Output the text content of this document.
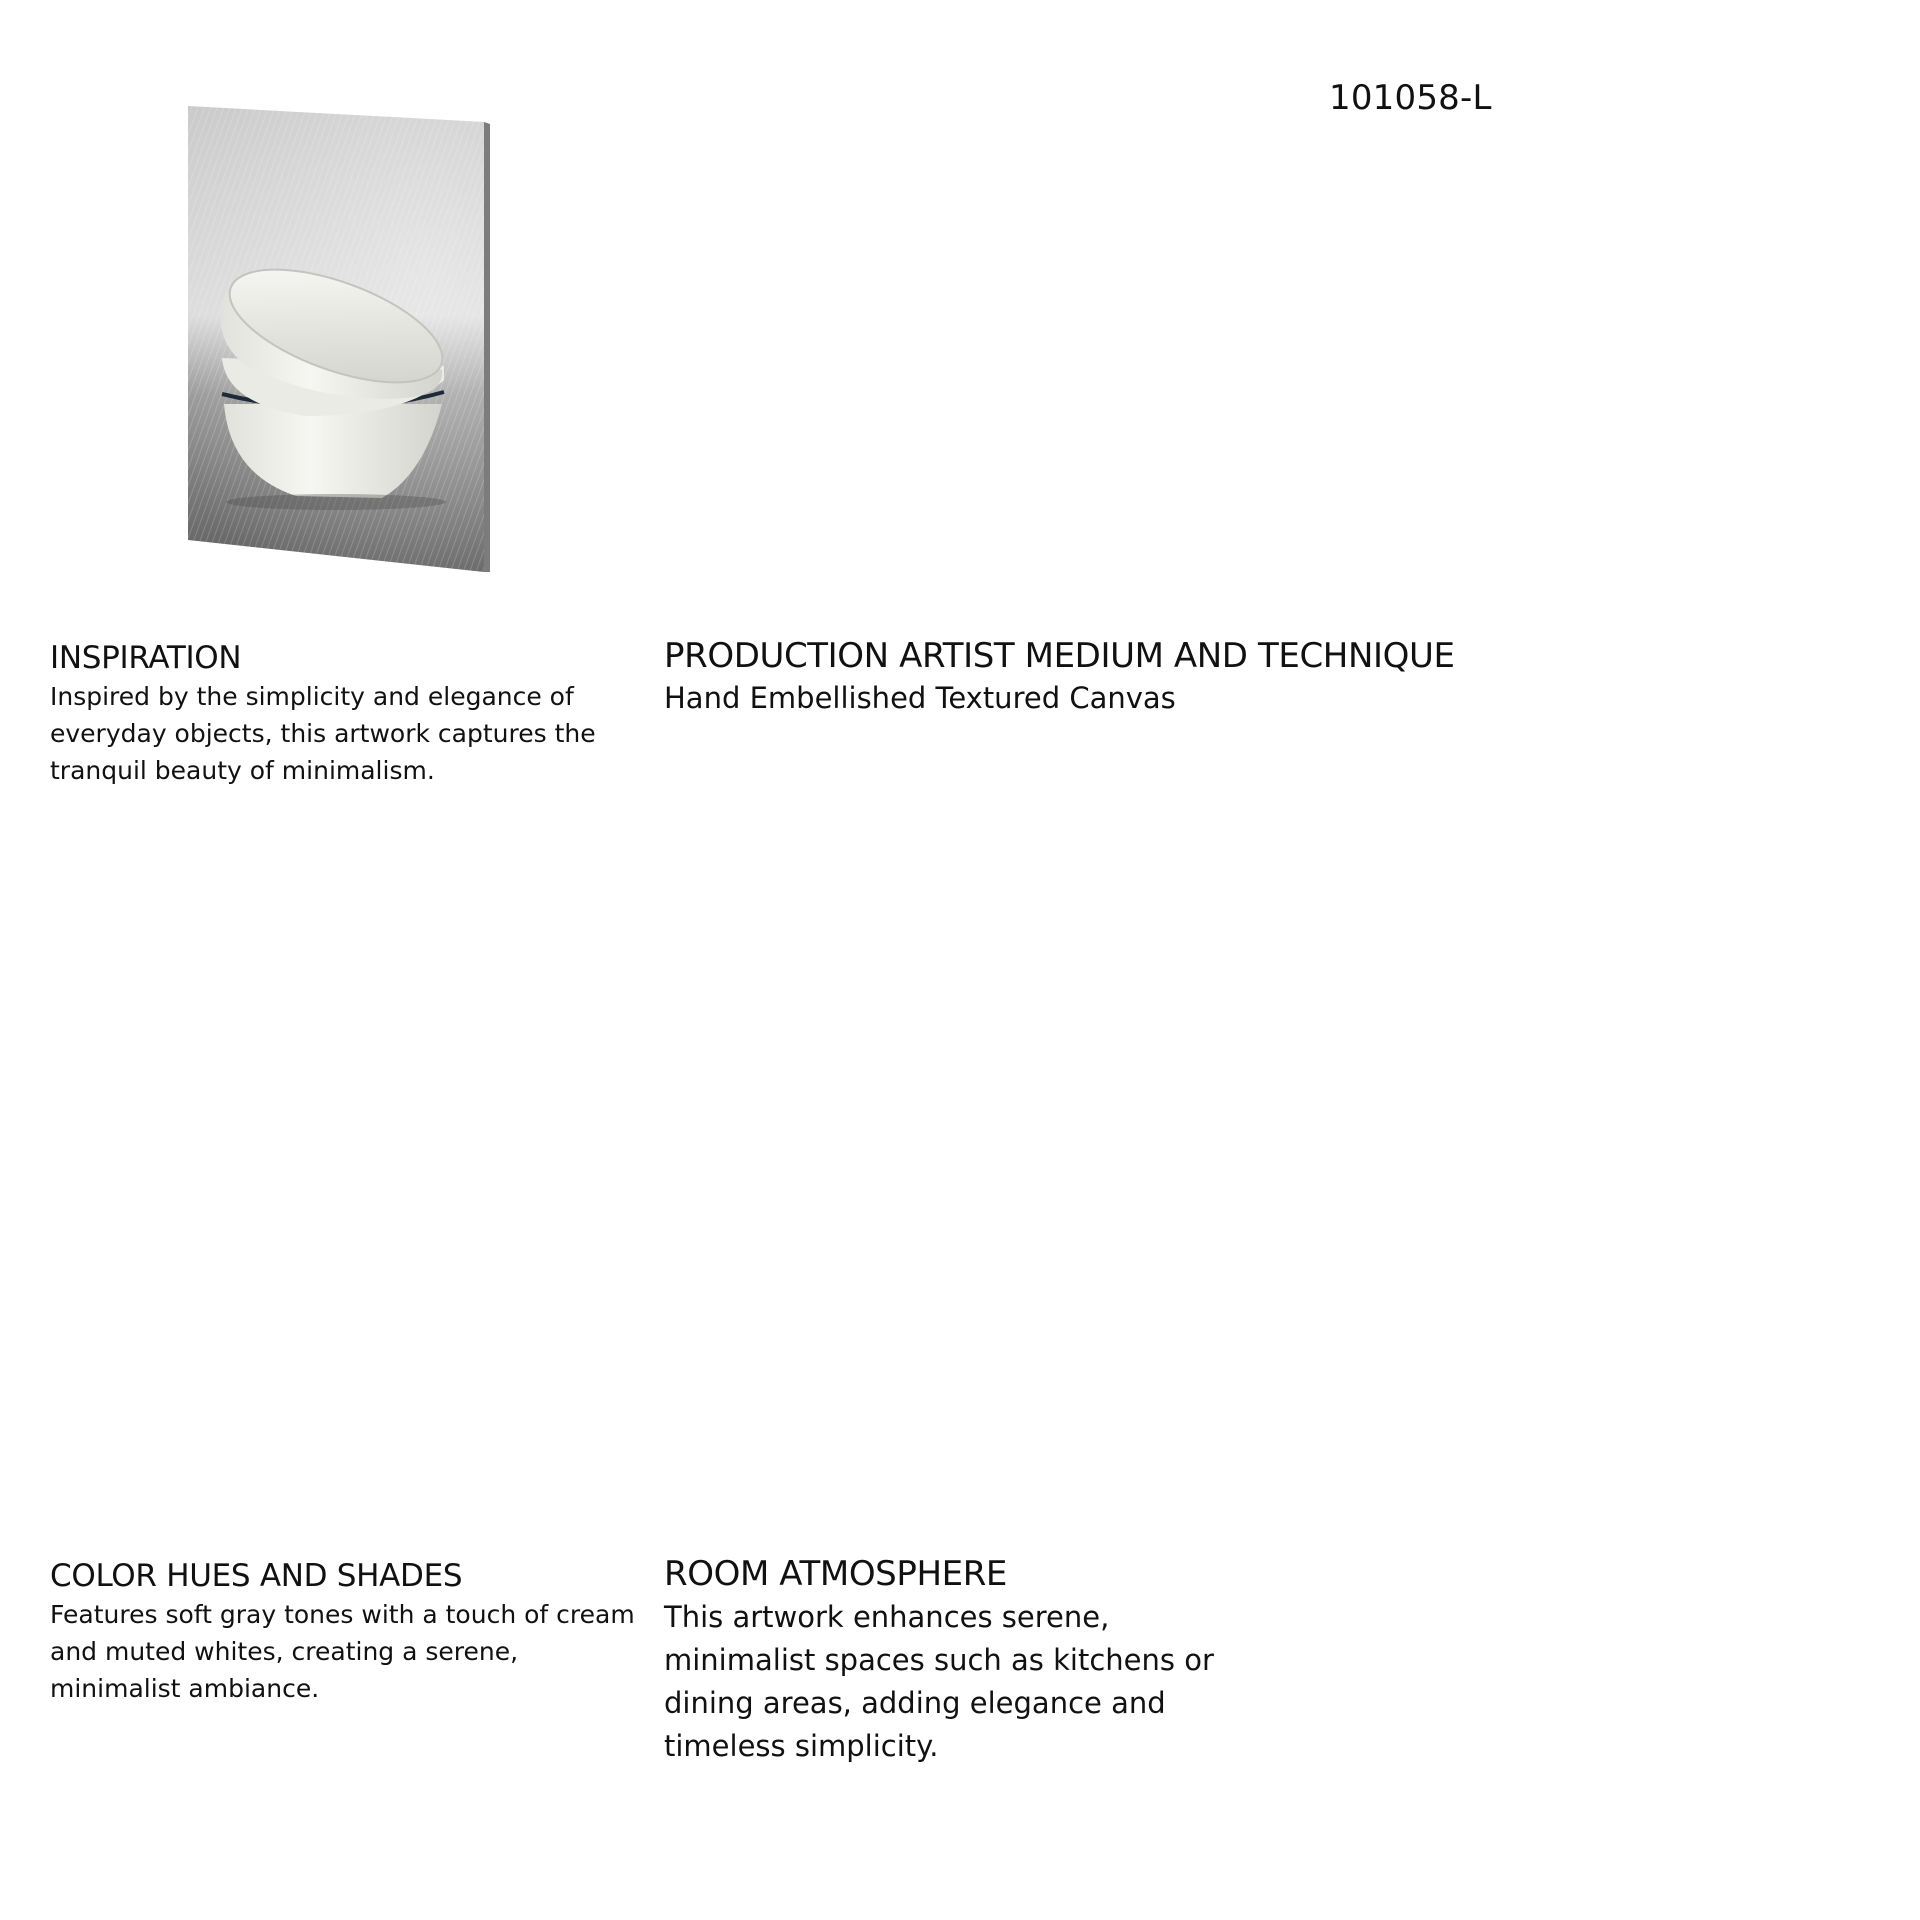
101058-L
INSPIRATION

Inspired by the simplicity and elegance of everyday objects, this artwork captures the tranquil beauty of minimalism.

PRODUCTION ARTIST MEDIUM AND TECHNIQUE

Hand Embellished Textured Canvas

COLOR HUES AND SHADES

Features soft gray tones with a touch of cream and muted whites, creating a serene, minimalist ambiance.

ROOM ATMOSPHERE

This artwork enhances serene, minimalist spaces such as kitchens or dining areas, adding elegance and timeless simplicity.
